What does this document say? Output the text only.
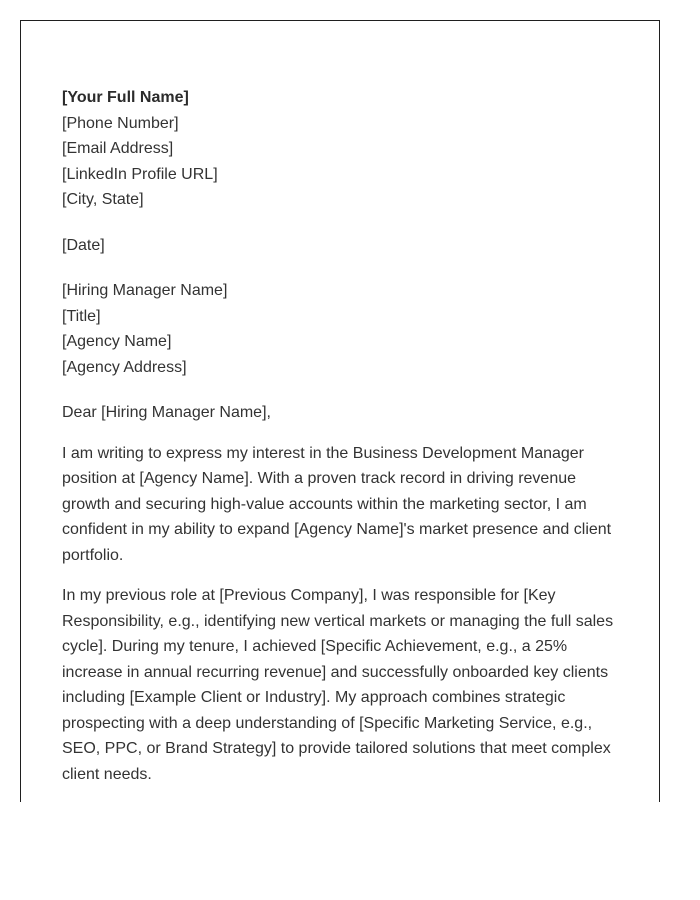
[Your Full Name]
[Phone Number]
[Email Address]
[LinkedIn Profile URL]
[City, State]
[Date]
[Hiring Manager Name]
[Title]
[Agency Name]
[Agency Address]
Dear [Hiring Manager Name],
I am writing to express my interest in the Business Development Manager
position at [Agency Name]. With a proven track record in driving revenue
growth and securing high-value accounts within the marketing sector, I am
confident in my ability to expand [Agency Name]'s market presence and client
portfolio.
In my previous role at [Previous Company], I was responsible for [Key
Responsibility, e.g., identifying new vertical markets or managing the full sales
cycle]. During my tenure, I achieved [Specific Achievement, e.g., a 25%
increase in annual recurring revenue] and successfully onboarded key clients
including [Example Client or Industry]. My approach combines strategic
prospecting with a deep understanding of [Specific Marketing Service, e.g.,
SEO, PPC, or Brand Strategy] to provide tailored solutions that meet complex
client needs.
